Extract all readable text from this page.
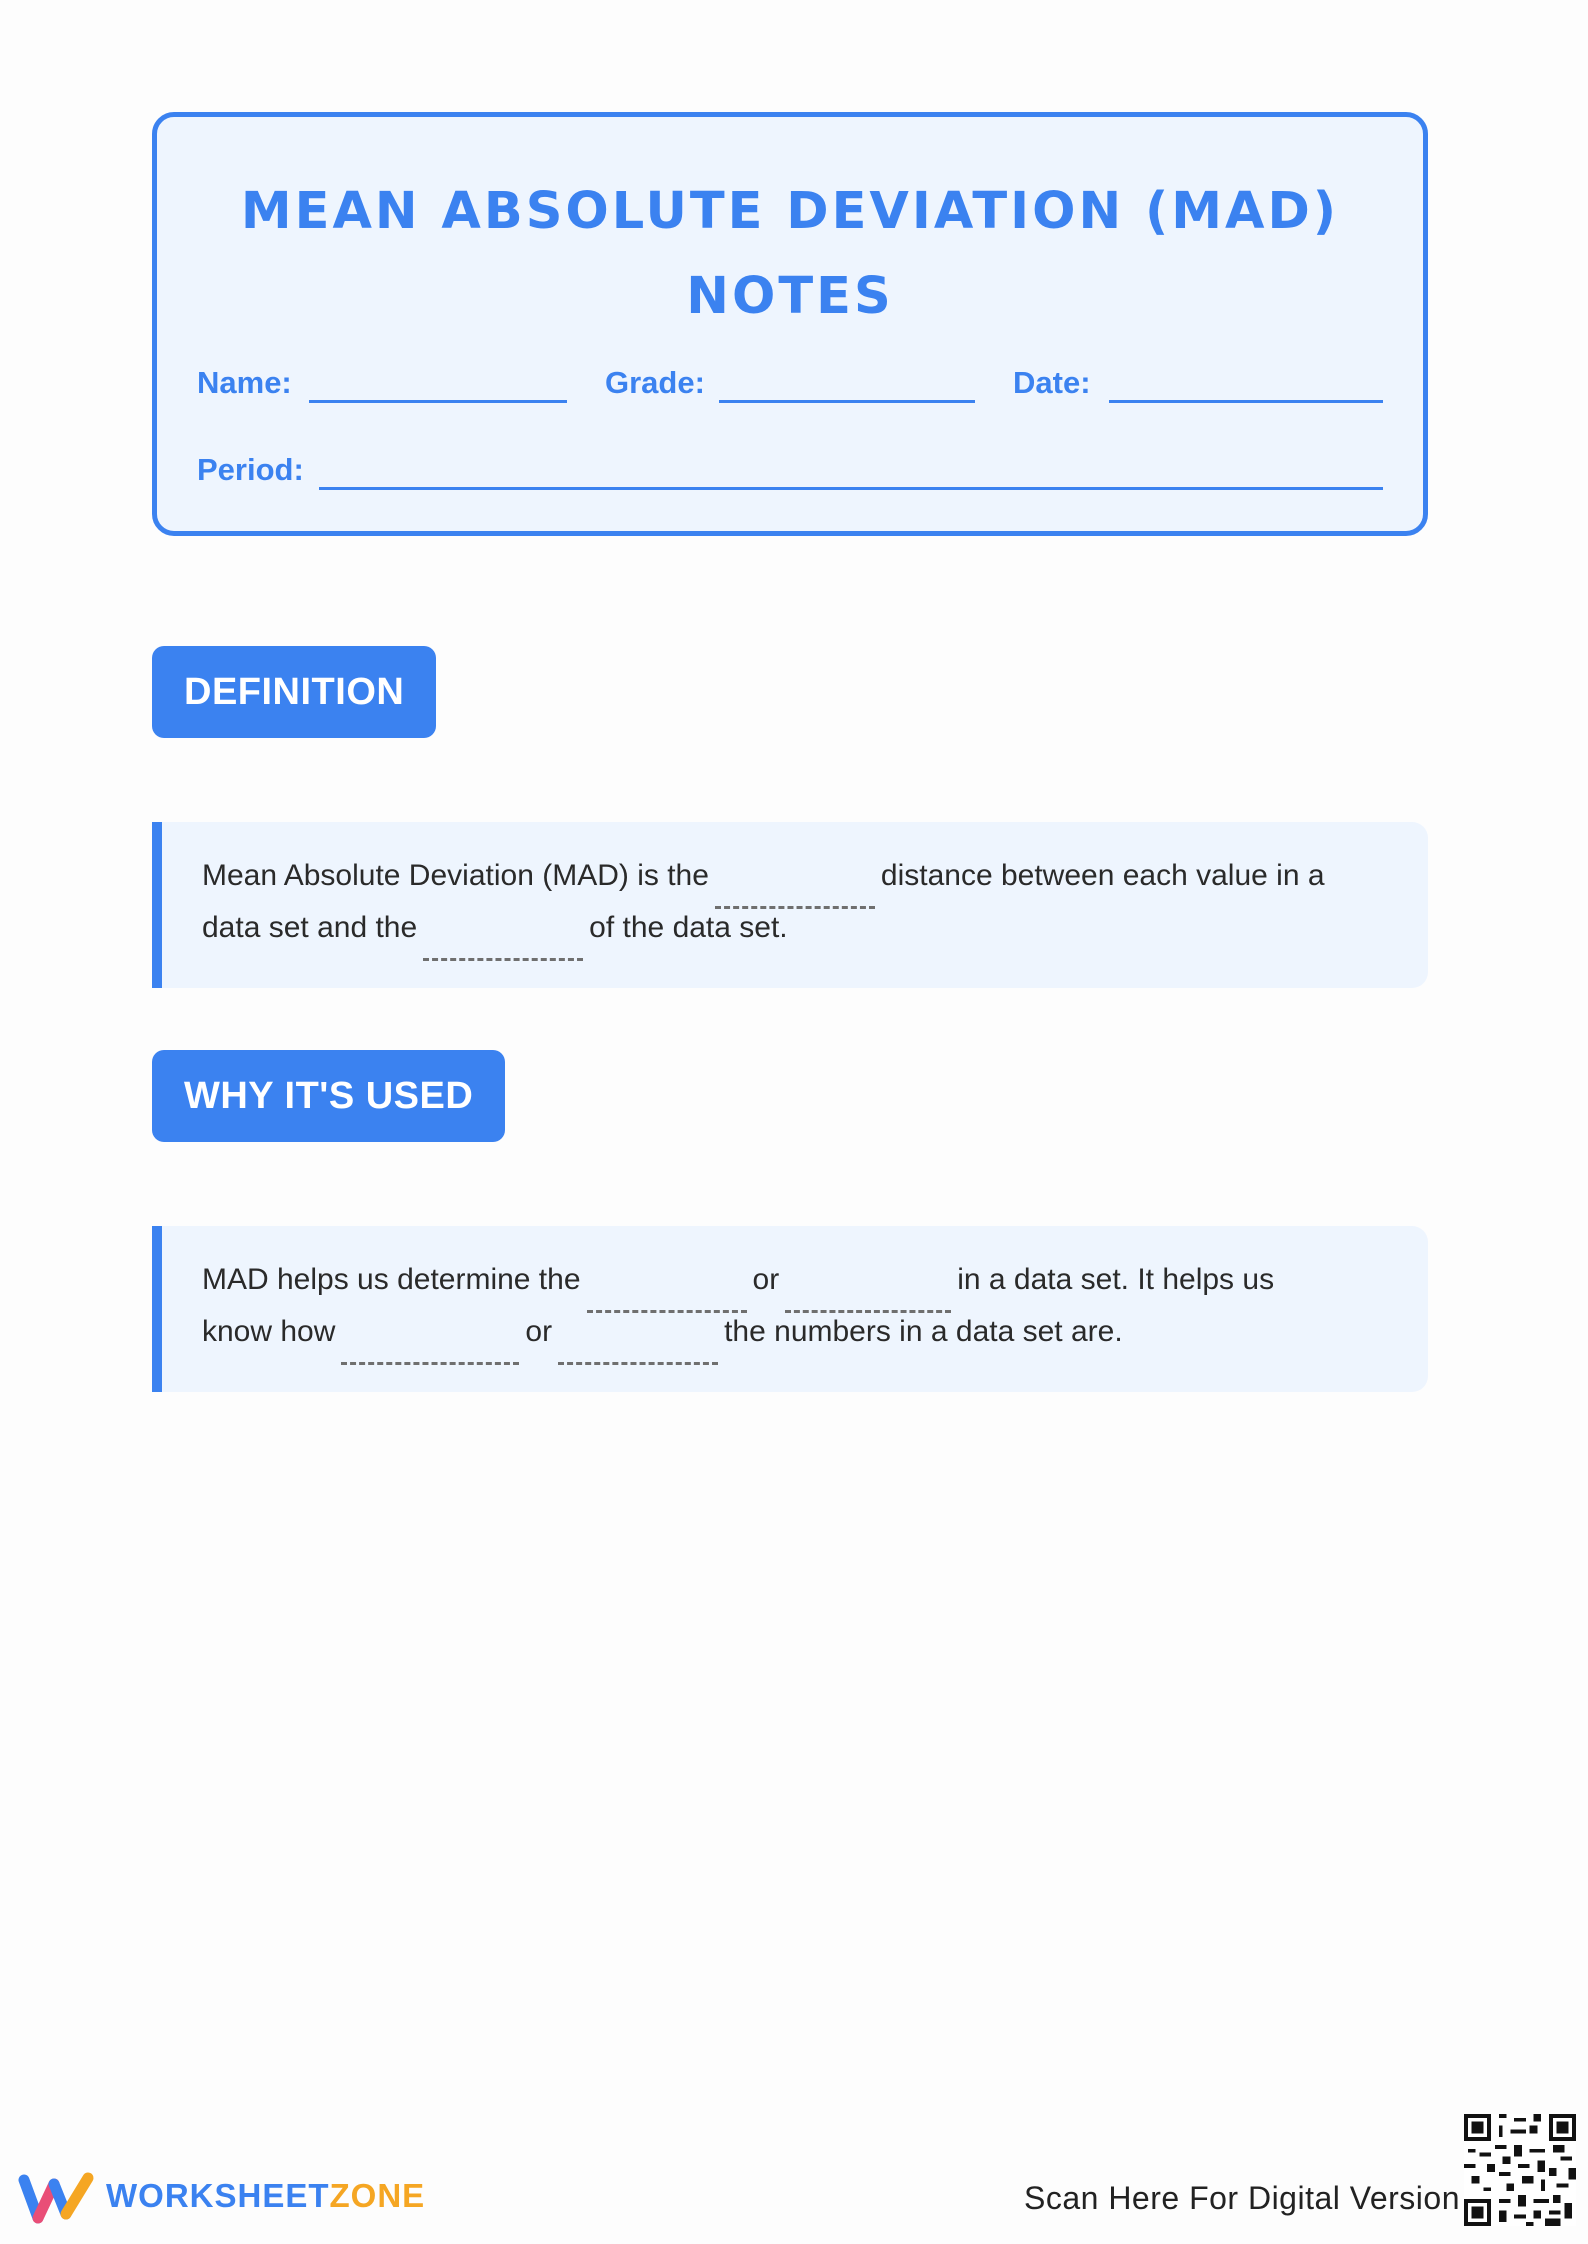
MEAN ABSOLUTE DEVIATION (MAD) NOTES
Name:	Grade:	Date:
Period:
DEFINITION
Mean Absolute Deviation (MAD) is the	distance between each value in a
data set and the	of the data set.
WHY IT'S USED
MAD helps us determine the	or	in a data set. It helps us
know how	or	the numbers in a data set are.
WORKSHEETZONE	Scan Here For Digital Version
